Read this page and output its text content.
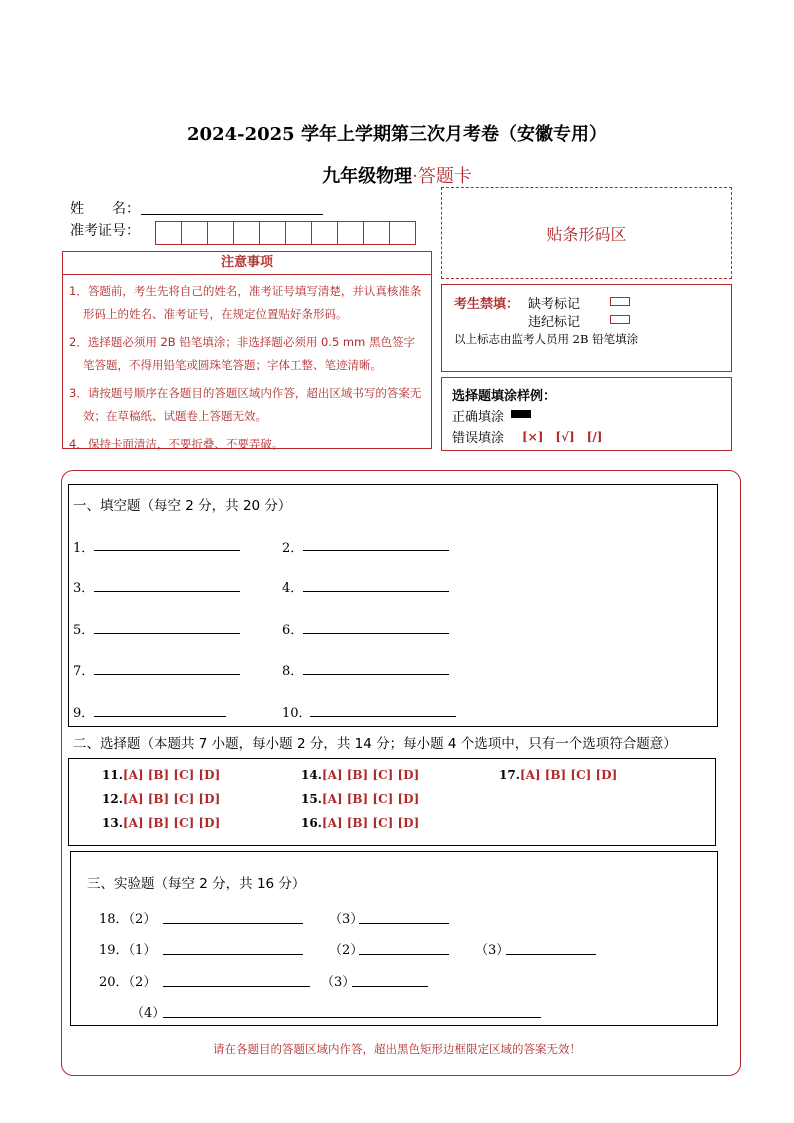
2024-2025 学年上学期第三次月考卷（安徽专用）
九年级物理·答题卡
姓　　名：
准考证号：
注意事项

1．答题前，考生先将自己的姓名，准考证号填写清楚，并认真核准条形码上的姓名、准考证号，在规定位置贴好条形码。

2．选择题必须用 2B 铅笔填涂；非选择题必须用 0.5 mm 黑色签字笔答题，不得用铅笔或圆珠笔答题；字体工整、笔迹清晰。

3．请按题号顺序在各题目的答题区域内作答，超出区域书写的答案无效；在草稿纸、试题卷上答题无效。

4．保持卡面清洁，不要折叠、不要弄破。

贴条形码区
考生禁填： 缺考标记
违纪标记
以上标志由监考人员用 2B 铅笔填涂
选择题填涂样例：
正确填涂
错误填涂 [×]　[√]　[/]
一、填空题（每空 2 分，共 20 分）
1．	2．
3．	4．
5．	6．
7．	8．
9．	10．
二、选择题（本题共 7 小题，每小题 2 分，共 14 分；每小题 4 个选项中，只有一个选项符合题意）
11.[A] [B] [C] [D]
12.[A] [B] [C] [D]
13.[A] [B] [C] [D]
14.[A] [B] [C] [D]
15.[A] [B] [C] [D]
16.[A] [B] [C] [D]
17.[A] [B] [C] [D]
三、实验题（每空 2 分，共 16 分）
18．（2）	（3）
19．（1）	（2）	（3）
20．（2）	（3）
（4）
请在各题目的答题区域内作答，超出黑色矩形边框限定区域的答案无效！
